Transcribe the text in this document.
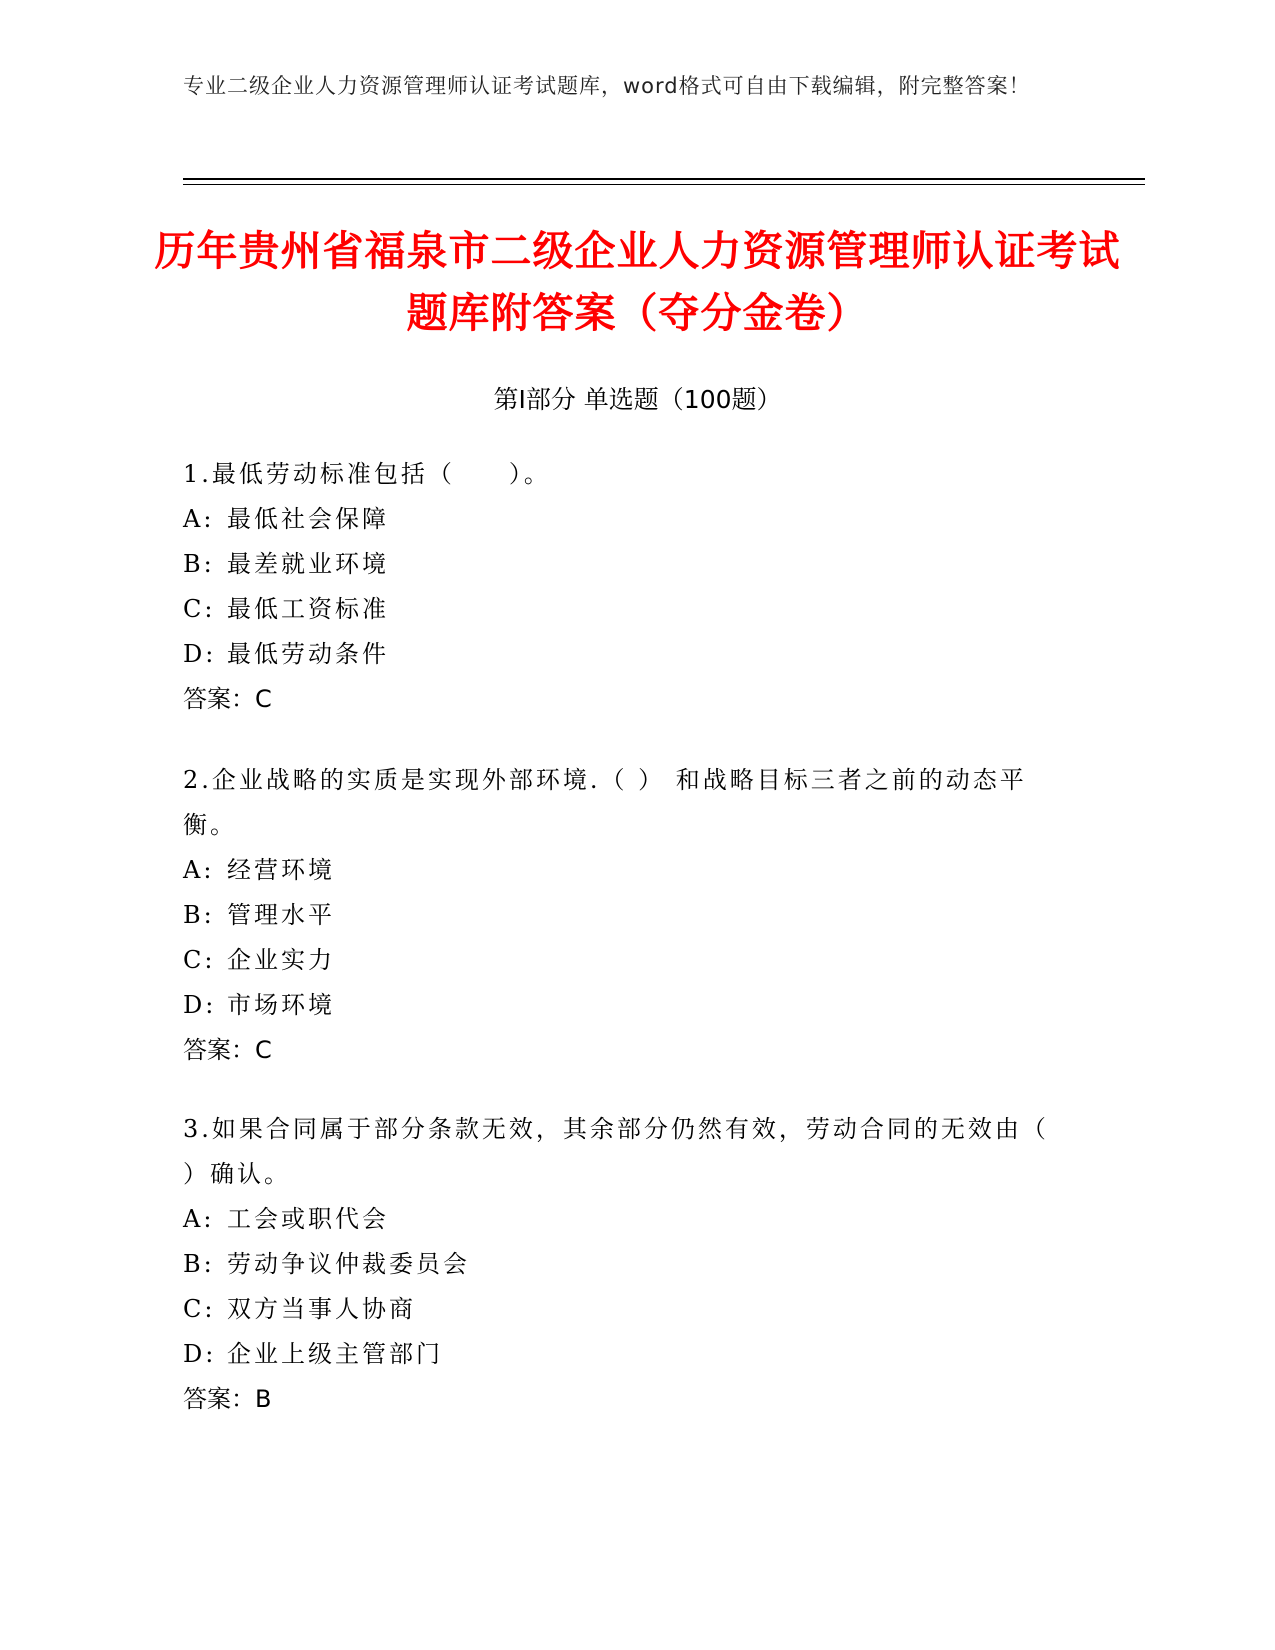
专业二级企业人力资源管理师认证考试题库，word格式可自由下载编辑，附完整答案！
历年贵州省福泉市二级企业人力资源管理师认证考试题库附答案（夺分金卷）
第I部分 单选题（100题）
1.最低劳动标准包括（　　）。
A: 最低社会保障
B: 最差就业环境
C: 最低工资标准
D: 最低劳动条件
答案：C
2.企业战略的实质是实现外部环境.（ ） 和战略目标三者之前的动态平衡。
A: 经营环境
B: 管理水平
C: 企业实力
D: 市场环境
答案：C
3.如果合同属于部分条款无效，其余部分仍然有效，劳动合同的无效由（ ）确认。
A: 工会或职代会
B: 劳动争议仲裁委员会
C: 双方当事人协商
D: 企业上级主管部门
答案：B
